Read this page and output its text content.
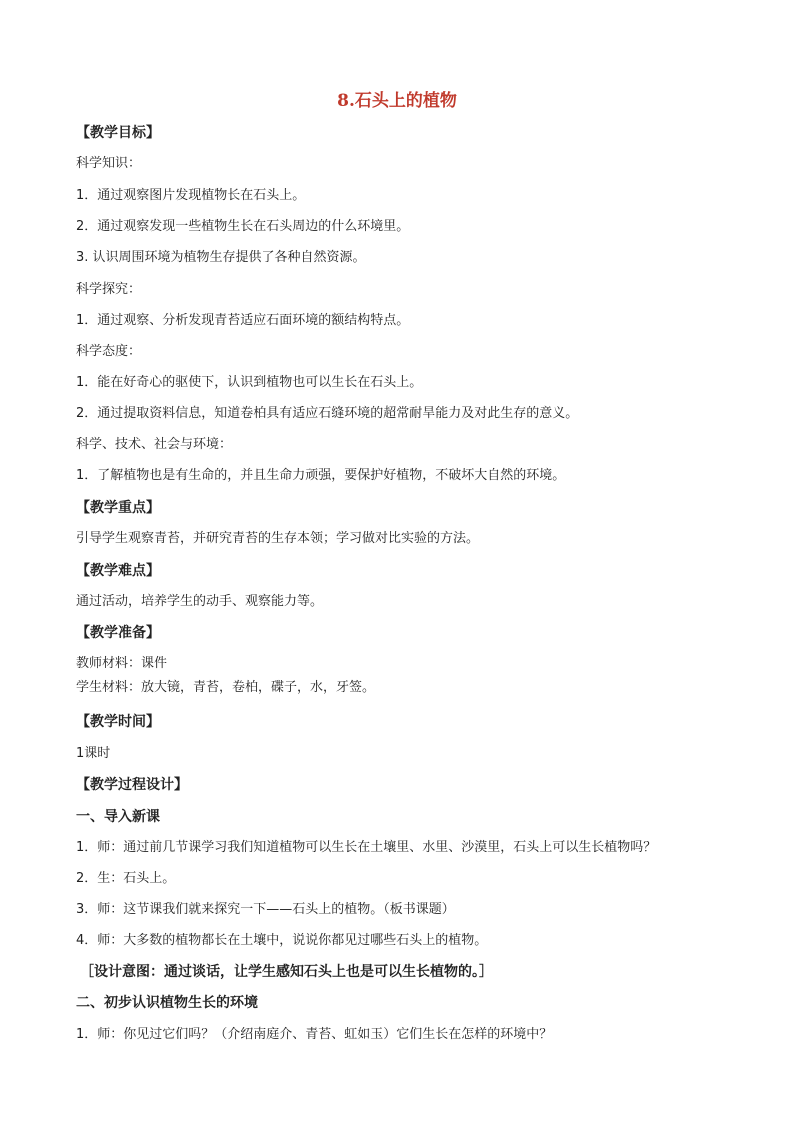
8.石头上的植物
【教学目标】
科学知识：
1．通过观察图片发现植物长在石头上。
2．通过观察发现一些植物生长在石头周边的什么环境里。
3. 认识周围环境为植物生存提供了各种自然资源。
科学探究：
1．通过观察、分析发现青苔适应石面环境的额结构特点。
科学态度：
1．能在好奇心的驱使下，认识到植物也可以生长在石头上。
2．通过提取资料信息，知道卷柏具有适应石缝环境的超常耐旱能力及对此生存的意义。
科学、技术、社会与环境：
1．了解植物也是有生命的，并且生命力顽强，要保护好植物，不破坏大自然的环境。
【教学重点】
引导学生观察青苔，并研究青苔的生存本领；学习做对比实验的方法。
【教学难点】
通过活动，培养学生的动手、观察能力等。
【教学准备】
教师材料：课件
学生材料：放大镜，青苔，卷柏，碟子，水，牙签。
【教学时间】
1课时
【教学过程设计】
一、导入新课
1．师：通过前几节课学习我们知道植物可以生长在土壤里、水里、沙漠里，石头上可以生长植物吗？
2．生：石头上。
3．师：这节课我们就来探究一下——石头上的植物。（板书课题）
4．师：大多数的植物都长在土壤中，说说你都见过哪些石头上的植物。
［设计意图：通过谈话，让学生感知石头上也是可以生长植物的。］
二、初步认识植物生长的环境
1．师：你见过它们吗？（介绍南庭介、青苔、虹如玉）它们生长在怎样的环境中？
